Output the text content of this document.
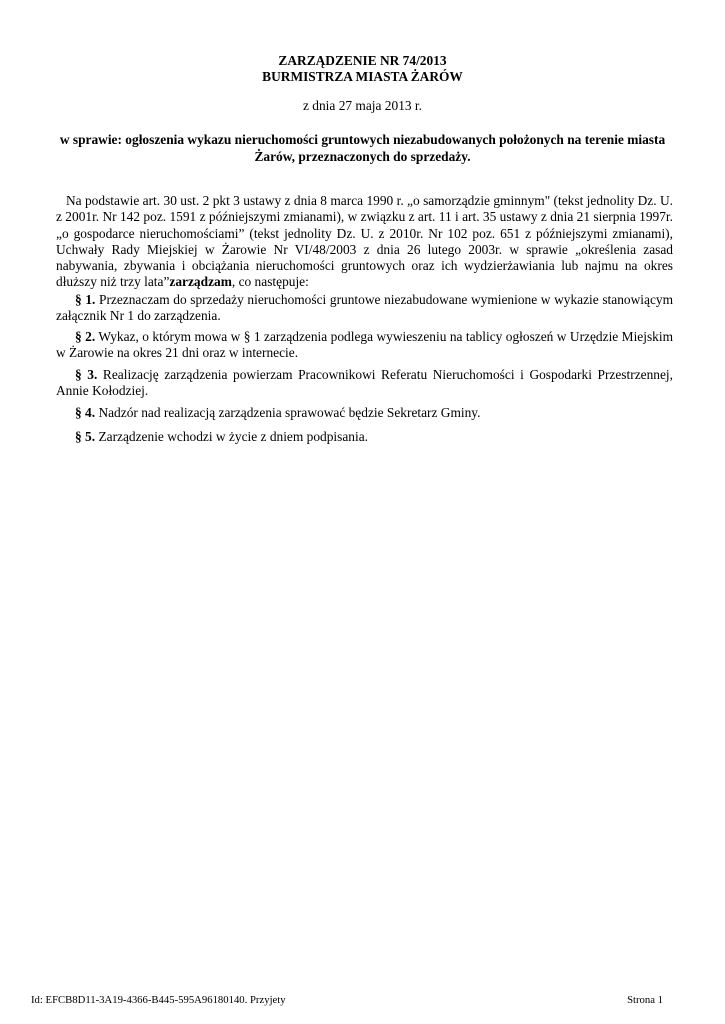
ZARZĄDZENIE NR 74/2013
BURMISTRZA MIASTA ŻARÓW
z dnia 27 maja 2013 r.
w sprawie: ogłoszenia wykazu nieruchomości gruntowych niezabudowanych położonych na terenie miasta Żarów, przeznaczonych do sprzedaży.
Na podstawie art. 30 ust. 2 pkt 3 ustawy z dnia 8 marca 1990 r. „o samorządzie gminnym" (tekst jednolity Dz. U. z 2001r. Nr 142 poz. 1591 z późniejszymi zmianami), w związku z art. 11 i art. 35 ustawy z dnia 21 sierpnia 1997r. „o gospodarce nieruchomościami” (tekst jednolity Dz. U. z 2010r. Nr 102 poz. 651 z późniejszymi zmianami), Uchwały Rady Miejskiej w Żarowie Nr VI/48/2003 z dnia 26 lutego 2003r. w sprawie „określenia zasad nabywania, zbywania i obciążania nieruchomości gruntowych oraz ich wydzierżawiania lub najmu na okres dłuższy niż trzy lata”zarządzam, co następuje:
§ 1. Przeznaczam do sprzedaży nieruchomości gruntowe niezabudowane wymienione w wykazie stanowiącym załącznik Nr 1 do zarządzenia.
§ 2. Wykaz, o którym mowa w § 1 zarządzenia podlega wywieszeniu na tablicy ogłoszeń w Urzędzie Miejskim w Żarowie na okres 21 dni oraz w internecie.
§ 3. Realizację zarządzenia powierzam Pracownikowi Referatu Nieruchomości i Gospodarki Przestrzennej, Annie Kołodziej.
§ 4. Nadzór nad realizacją zarządzenia sprawować będzie Sekretarz Gminy.
§ 5. Zarządzenie wchodzi w życie z dniem podpisania.
Id: EFCB8D11-3A19-4366-B445-595A96180140. Przyjety	Strona 1
